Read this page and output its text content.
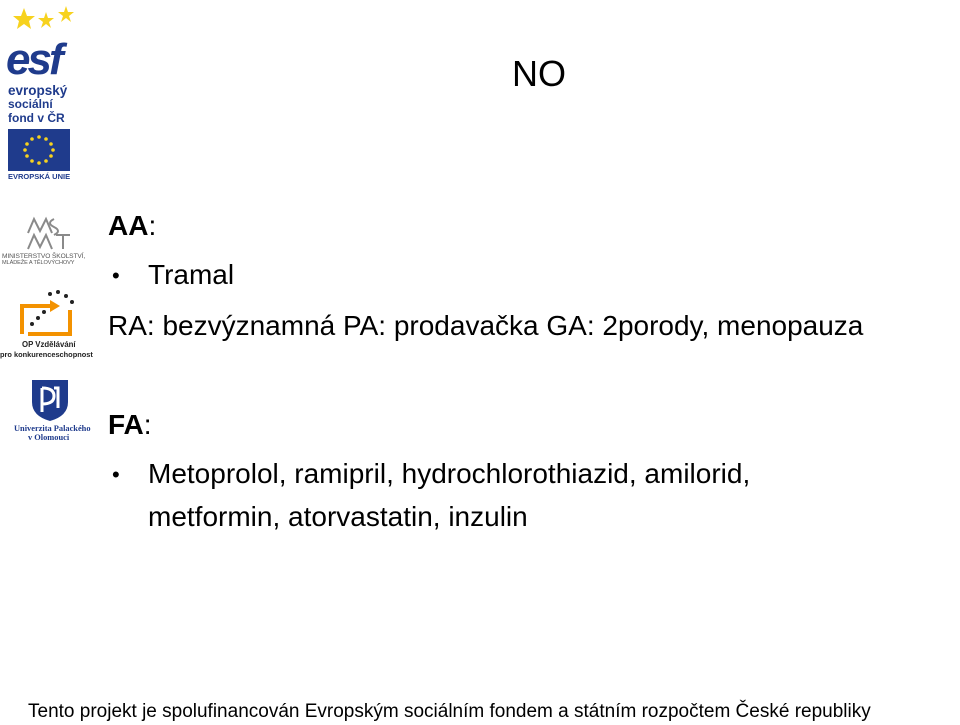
esf
evropský
sociální
fond v ČR
EVROPSKÁ UNIE
MINISTERSTVO ŠKOLSTVÍ,
MLÁDEŽE A TĚLOVÝCHOVY
OP Vzdělávání
pro konkurenceschopnost
Univerzita Palackého
v Olomouci
NO
AA:
• Tramal
RA: bezvýznamná PA: prodavačka GA: 2porody, menopauza
FA:
• Metoprolol, ramipril, hydrochlorothiazid, amilorid,
metformin, atorvastatin, inzulin
Tento projekt je spolufinancován Evropským sociálním fondem a státním rozpočtem České republiky
